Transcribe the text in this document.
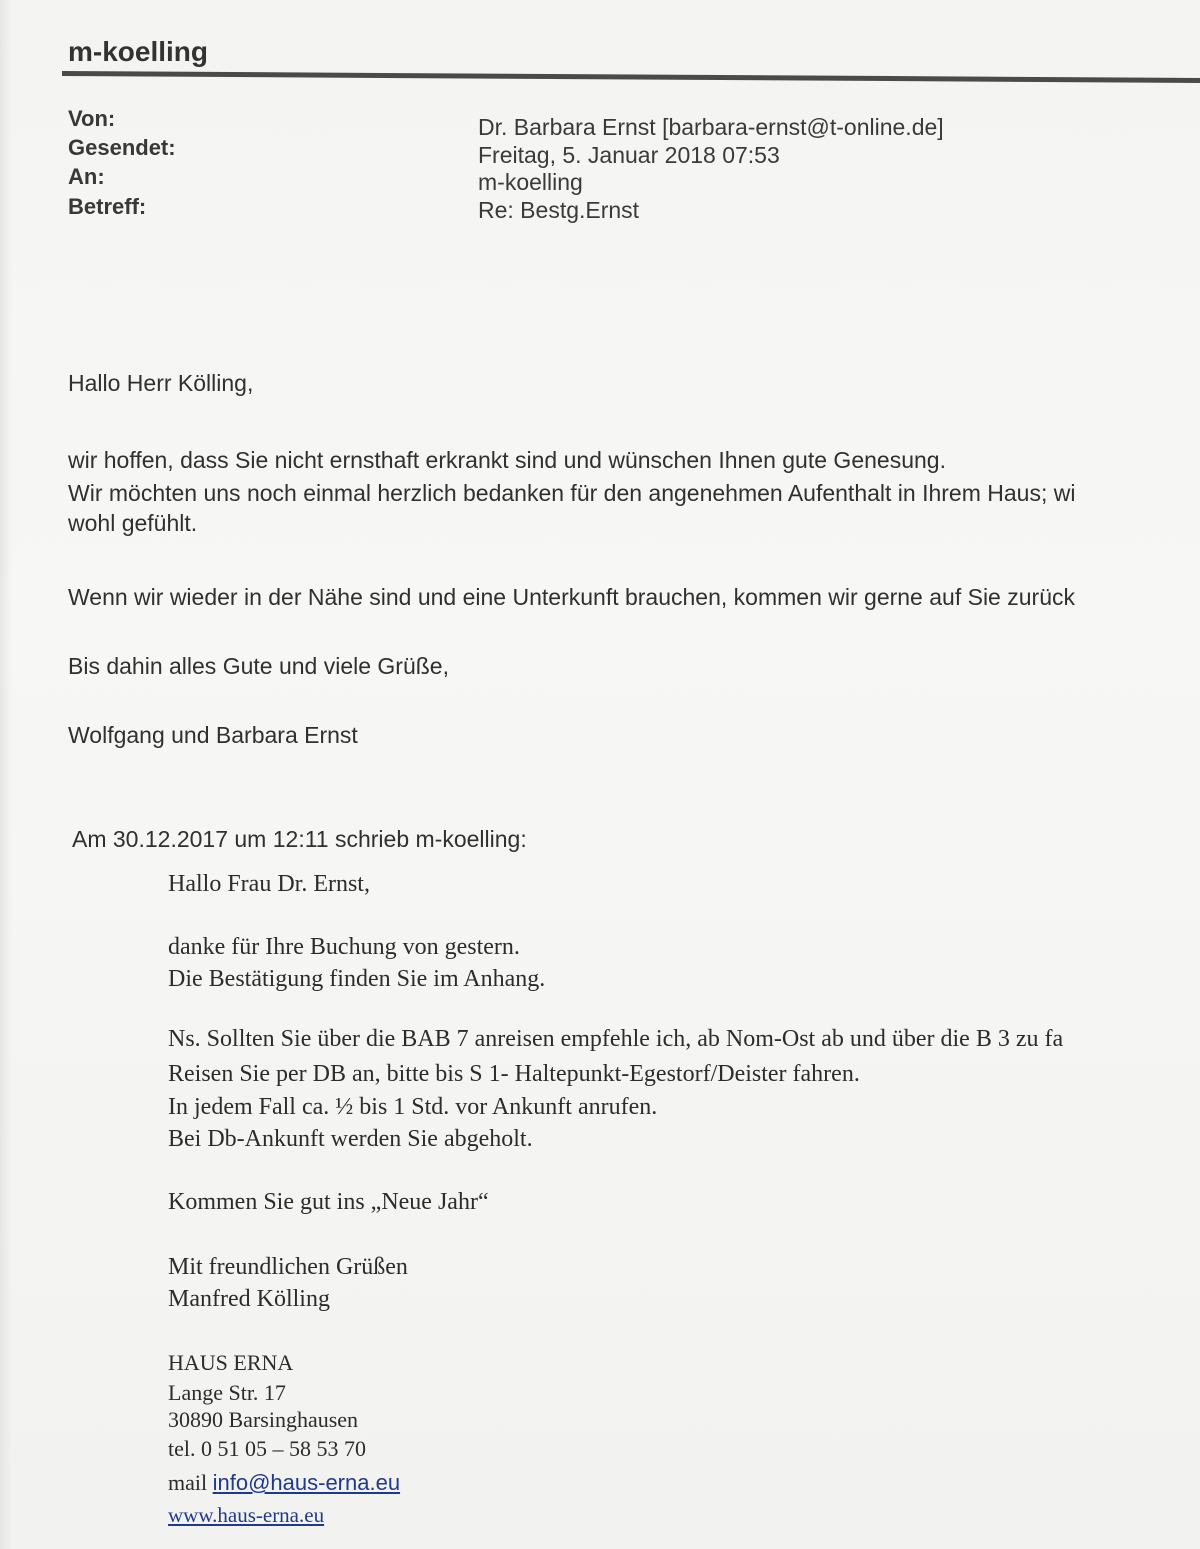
m-koelling
Von:
Gesendet:
An:
Betreff:
Dr. Barbara Ernst [barbara-ernst@t-online.de]
Freitag, 5. Januar 2018 07:53
m-koelling
Re: Bestg.Ernst
Hallo Herr Kölling,
wir hoffen, dass Sie nicht ernsthaft erkrankt sind und wünschen Ihnen gute Genesung.
Wir möchten uns noch einmal herzlich bedanken für den angenehmen Aufenthalt in Ihrem Haus; wi
wohl gefühlt.
Wenn wir wieder in der Nähe sind und eine Unterkunft brauchen, kommen wir gerne auf Sie zurück
Bis dahin alles Gute und viele Grüße,
Wolfgang und Barbara Ernst
Am 30.12.2017 um 12:11 schrieb m-koelling:
Hallo Frau Dr. Ernst,
danke für Ihre Buchung von gestern.
Die Bestätigung finden Sie im Anhang.
Ns. Sollten Sie über die BAB 7 anreisen empfehle ich, ab Nom-Ost ab und über die B 3 zu fa
Reisen Sie per DB an, bitte bis S 1- Haltepunkt-Egestorf/Deister fahren.
In jedem Fall ca. ½ bis 1 Std. vor Ankunft anrufen.
Bei Db-Ankunft werden Sie abgeholt.
Kommen Sie gut ins „Neue Jahr“
Mit freundlichen Grüßen
Manfred Kölling
HAUS ERNA
Lange Str. 17
30890 Barsinghausen
tel. 0 51 05 – 58 53 70
mail info@haus-erna.eu
www.haus-erna.eu
